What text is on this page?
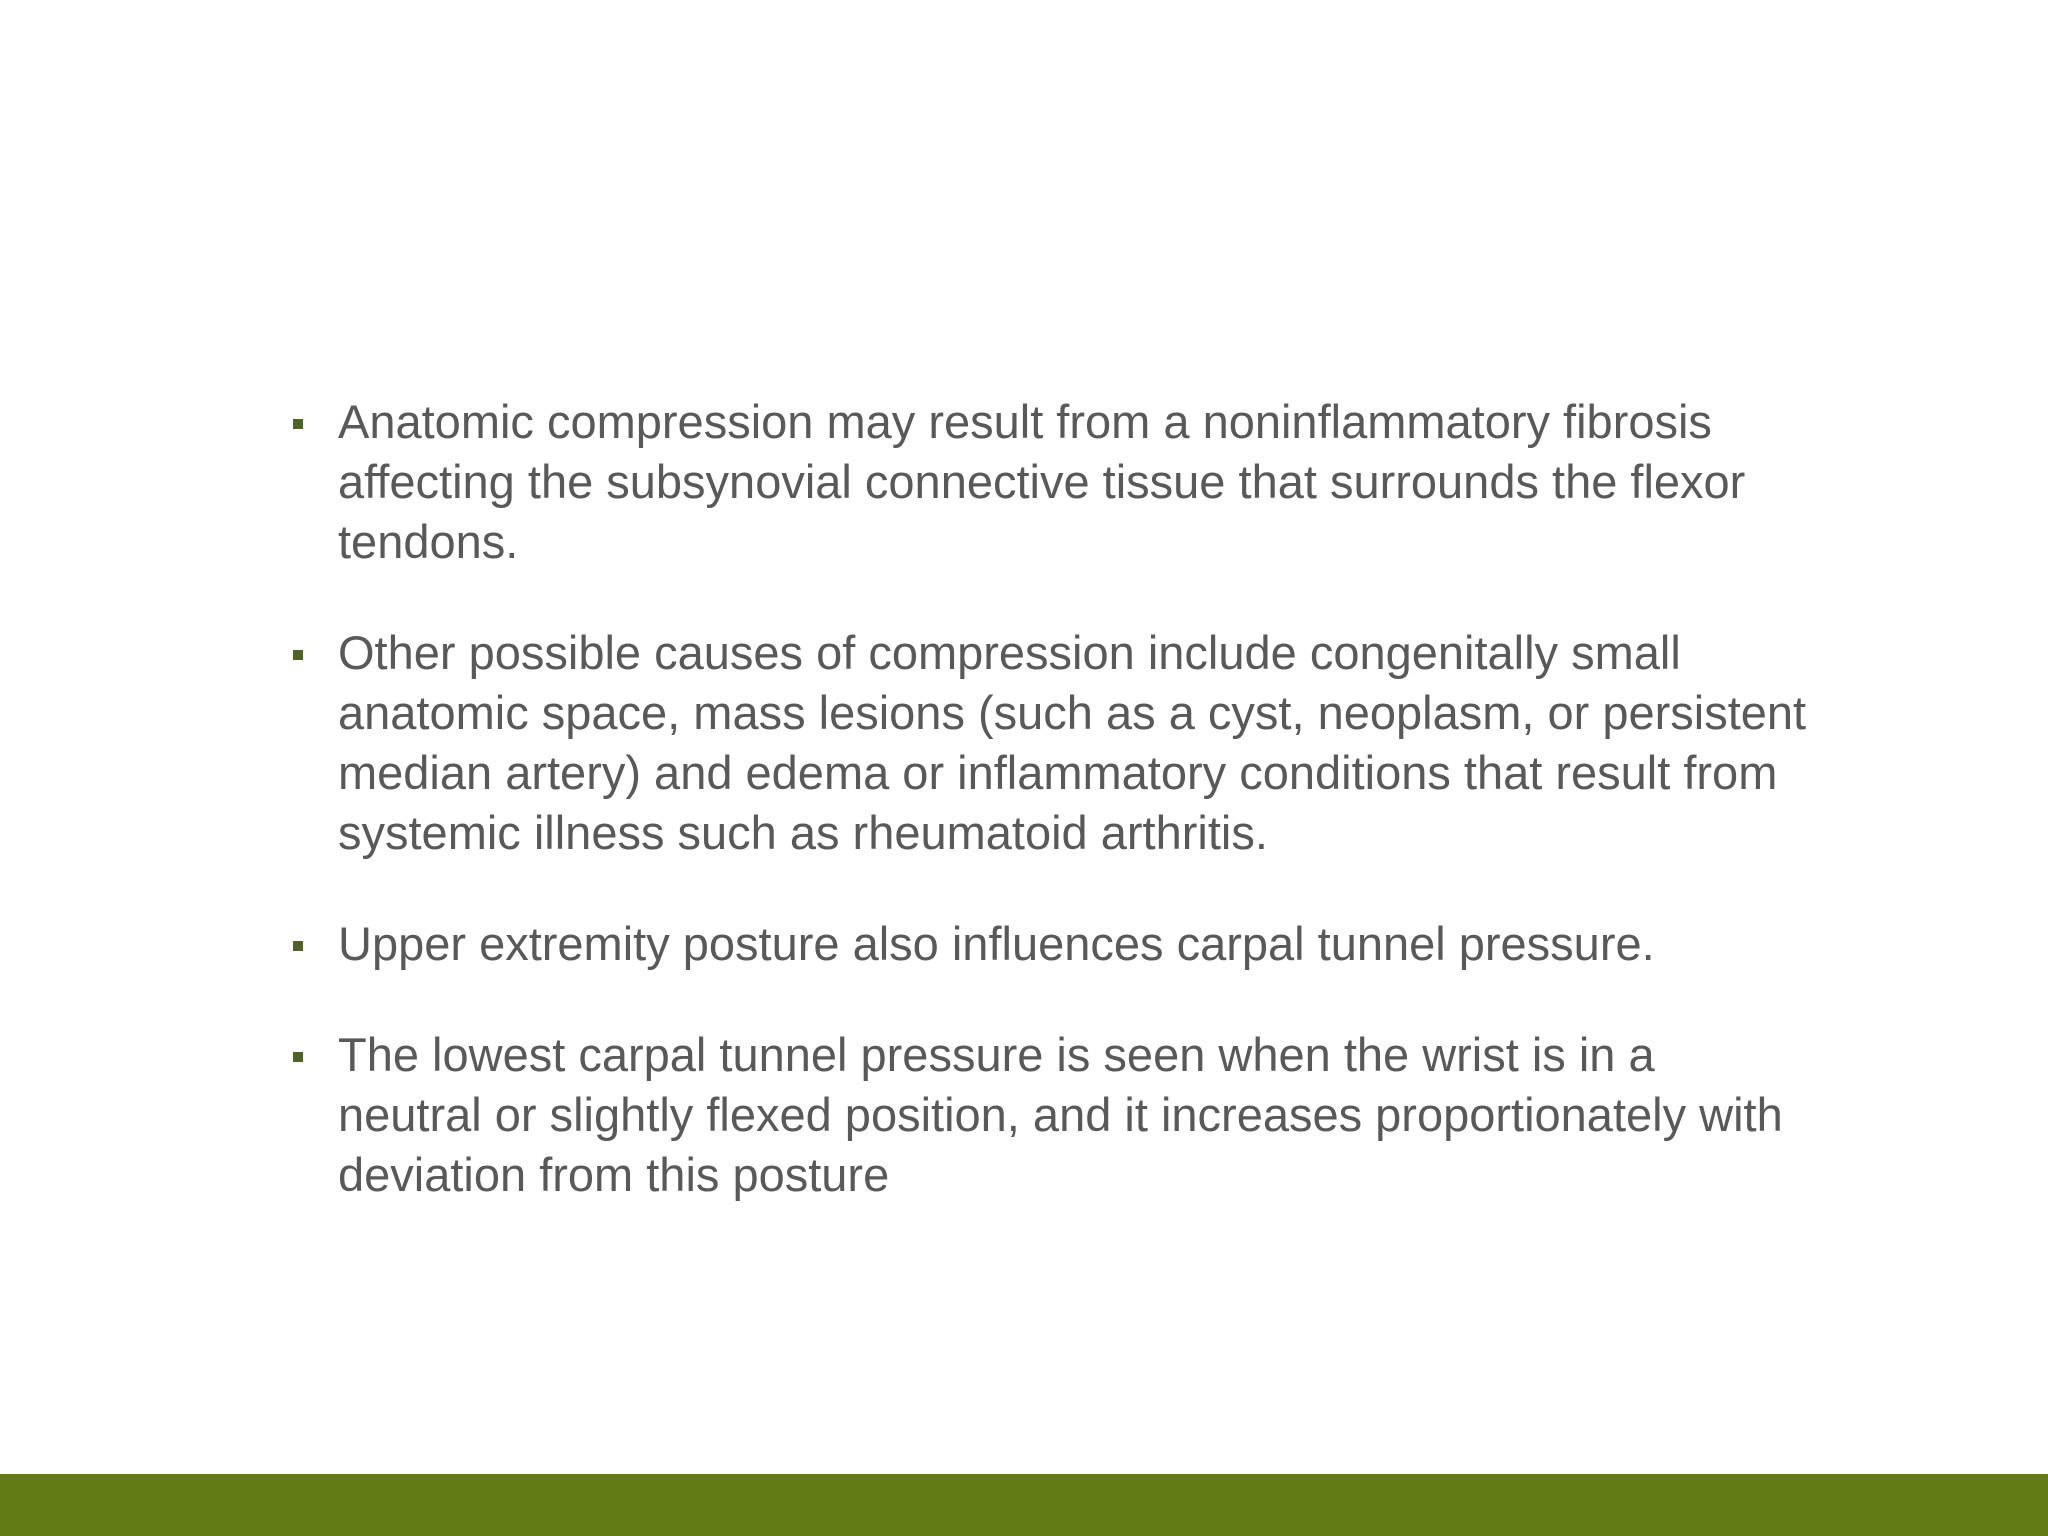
Anatomic compression may result from a noninflammatory fibrosis affecting the subsynovial connective tissue that surrounds the flexor tendons.
Other possible causes of compression include congenitally small anatomic space, mass lesions (such as a cyst, neoplasm, or persistent median artery) and edema or inflammatory conditions that result from systemic illness such as rheumatoid arthritis.
Upper extremity posture also influences carpal tunnel pressure.
The lowest carpal tunnel pressure is seen when the wrist is in a neutral or slightly flexed position, and it increases proportionately with deviation from this posture
